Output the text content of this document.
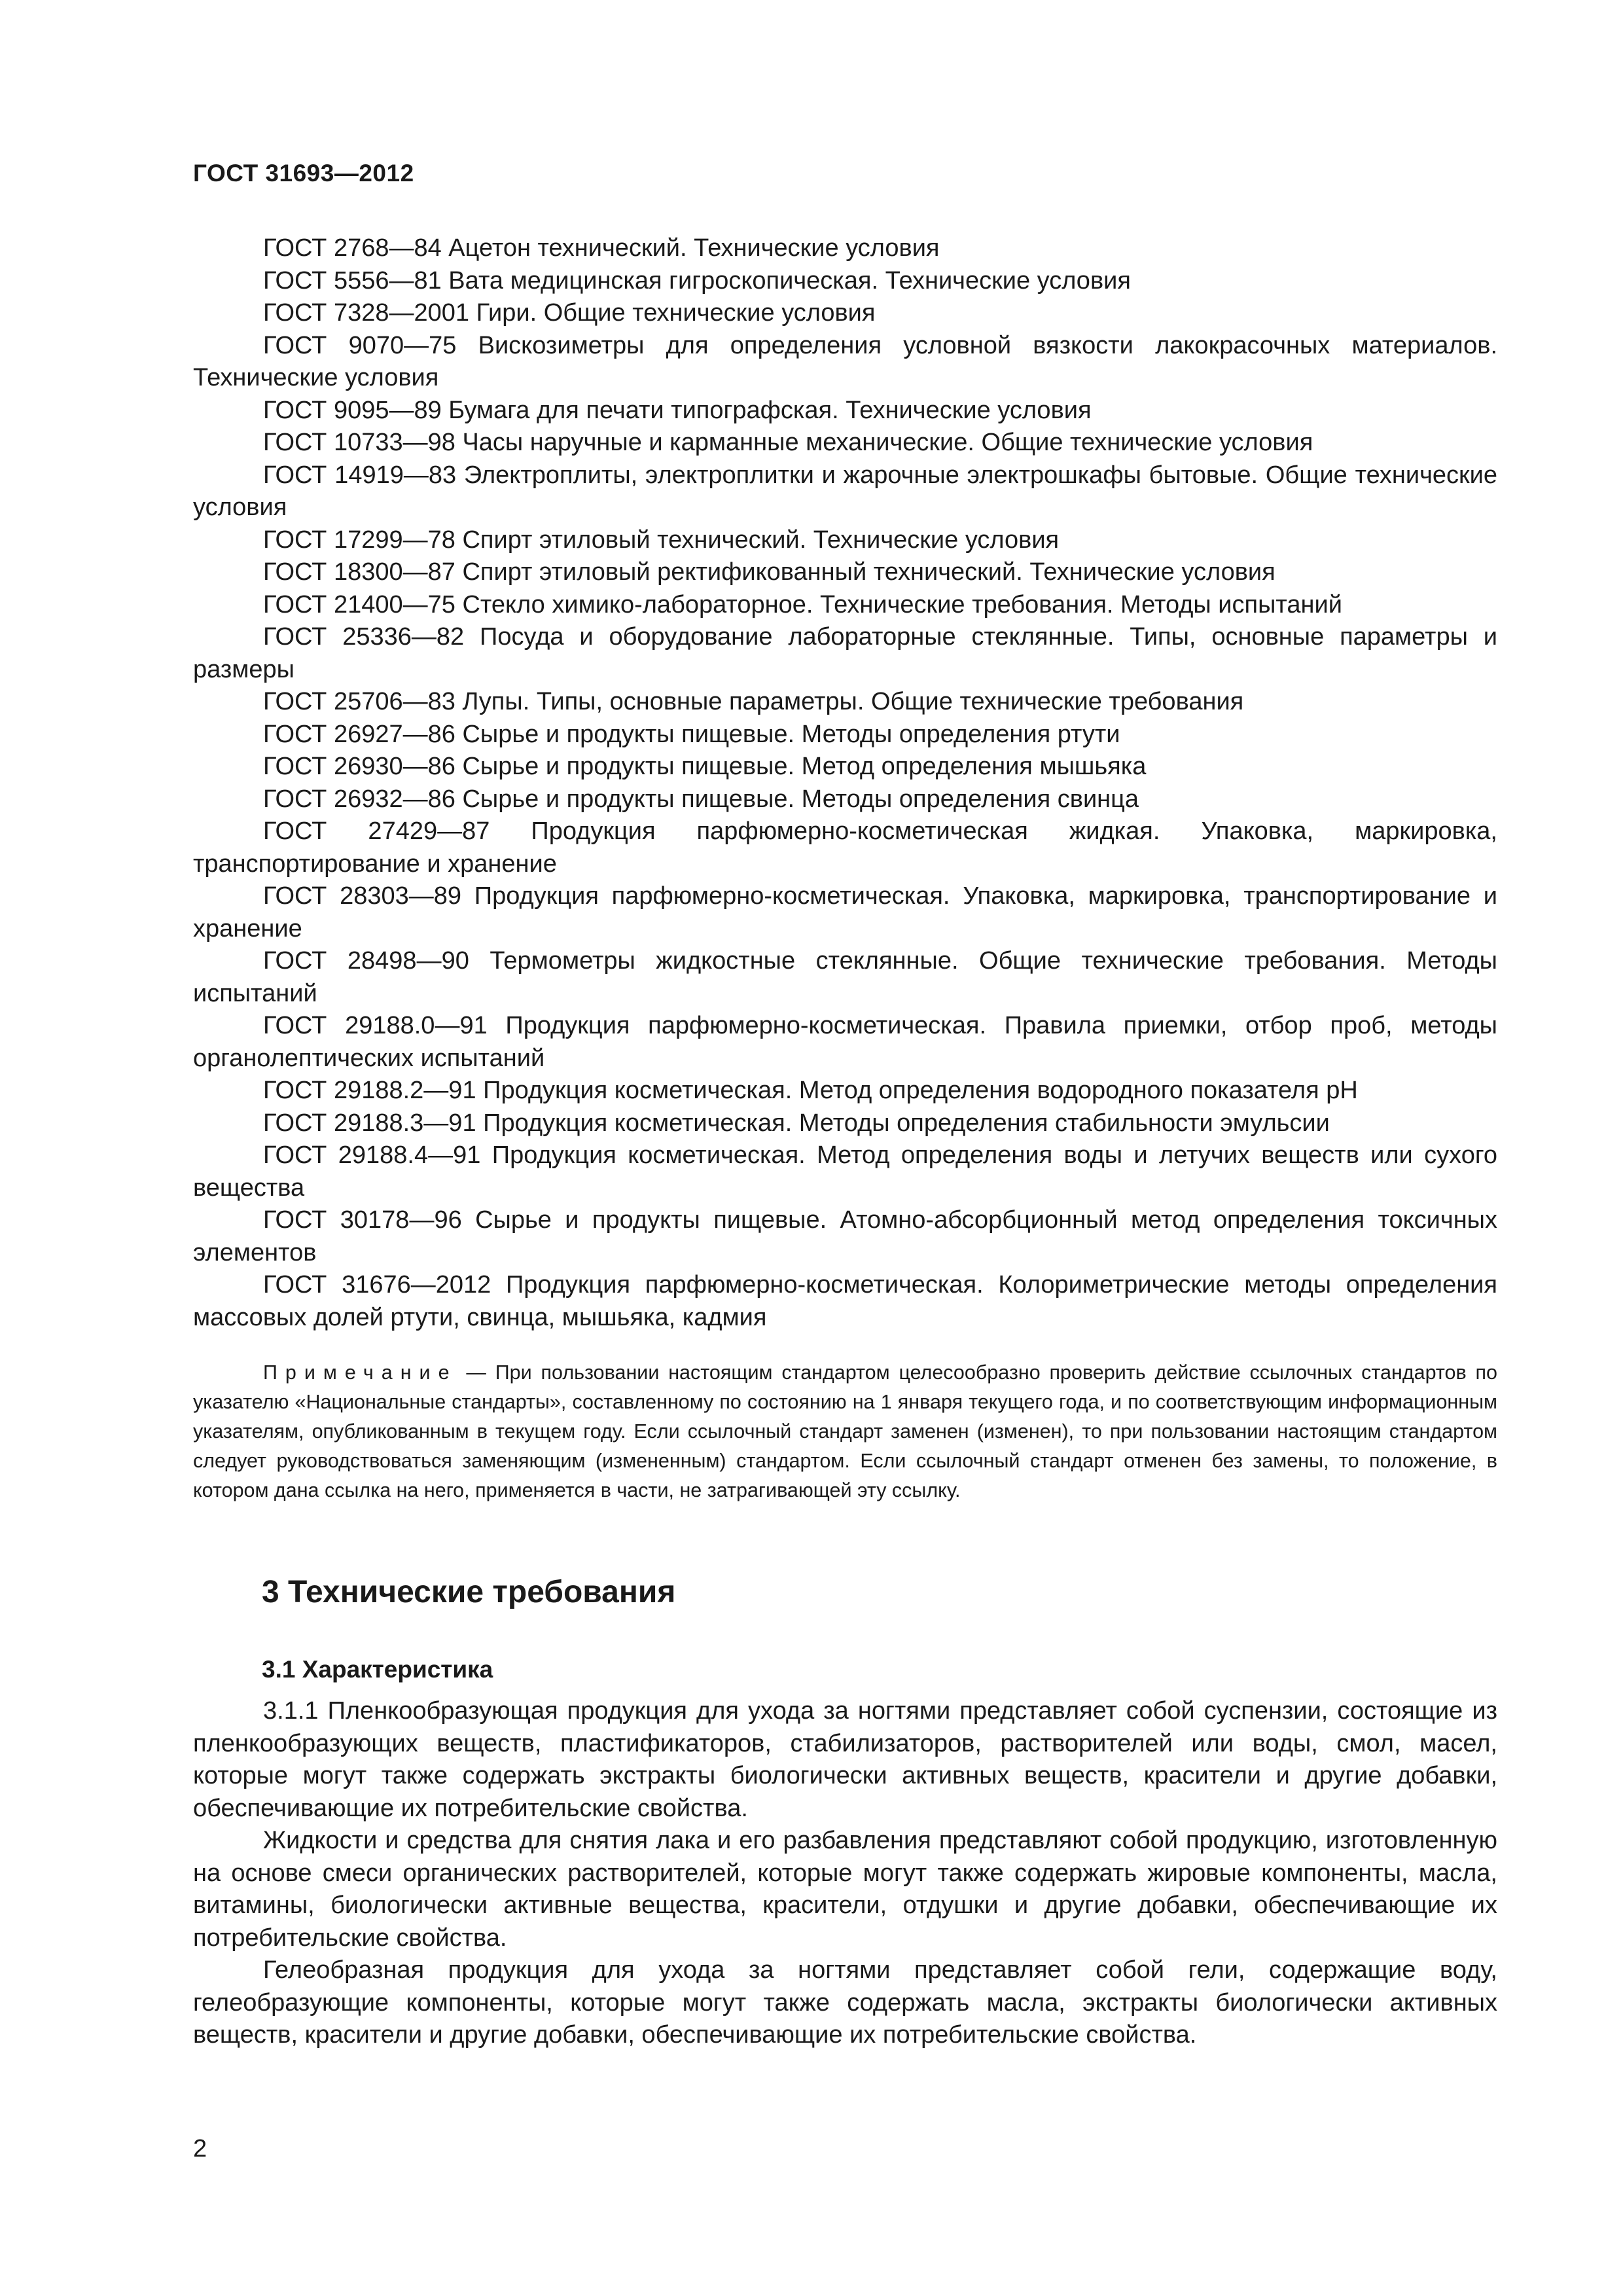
ГОСТ 31693—2012

ГОСТ 2768—84 Ацетон технический. Технические условия

ГОСТ 5556—81 Вата медицинская гигроскопическая. Технические условия

ГОСТ 7328—2001 Гири. Общие технические условия

ГОСТ 9070—75 Вискозиметры для определения условной вязкости лакокрасочных материалов. Технические условия

ГОСТ 9095—89 Бумага для печати типографская. Технические условия

ГОСТ 10733—98 Часы наручные и карманные механические. Общие технические условия

ГОСТ 14919—83 Электроплиты, электроплитки и жарочные электрошкафы бытовые. Общие технические условия

ГОСТ 17299—78 Спирт этиловый технический. Технические условия

ГОСТ 18300—87 Спирт этиловый ректификованный технический. Технические условия

ГОСТ 21400—75 Стекло химико-лабораторное. Технические требования. Методы испытаний

ГОСТ 25336—82 Посуда и оборудование лабораторные стеклянные. Типы, основные параметры и размеры

ГОСТ 25706—83 Лупы. Типы, основные параметры. Общие технические требования

ГОСТ 26927—86 Сырье и продукты пищевые. Методы определения ртути

ГОСТ 26930—86 Сырье и продукты пищевые. Метод определения мышьяка

ГОСТ 26932—86 Сырье и продукты пищевые. Методы определения свинца

ГОСТ 27429—87 Продукция парфюмерно-косметическая жидкая. Упаковка, маркировка, транспортирование и хранение

ГОСТ 28303—89 Продукция парфюмерно-косметическая. Упаковка, маркировка, транспортирование и хранение

ГОСТ 28498—90 Термометры жидкостные стеклянные. Общие технические требования. Методы испытаний

ГОСТ 29188.0—91 Продукция парфюмерно-косметическая. Правила приемки, отбор проб, методы органолептических испытаний

ГОСТ 29188.2—91 Продукция косметическая. Метод определения водородного показателя pH

ГОСТ 29188.3—91 Продукция косметическая. Методы определения стабильности эмульсии

ГОСТ 29188.4—91 Продукция косметическая. Метод определения воды и летучих веществ или сухого вещества

ГОСТ 30178—96 Сырье и продукты пищевые. Атомно-абсорбционный метод определения токсичных элементов

ГОСТ 31676—2012 Продукция парфюмерно-косметическая. Колориметрические методы определения массовых долей ртути, свинца, мышьяка, кадмия

Примечание — При пользовании настоящим стандартом целесообразно проверить действие ссылочных стандартов по указателю «Национальные стандарты», составленному по состоянию на 1 января текущего года, и по соответствующим информационным указателям, опубликованным в текущем году. Если ссылочный стандарт заменен (изменен), то при пользовании настоящим стандартом следует руководствоваться заменяющим (измененным) стандартом. Если ссылочный стандарт отменен без замены, то положение, в котором дана ссылка на него, применяется в части, не затрагивающей эту ссылку.

3 Технические требования
3.1 Характеристика

3.1.1 Пленкообразующая продукция для ухода за ногтями представляет собой суспензии, состоящие из пленкообразующих веществ, пластификаторов, стабилизаторов, растворителей или воды, смол, масел, которые могут также содержать экстракты биологически активных веществ, красители и другие добавки, обеспечивающие их потребительские свойства.

Жидкости и средства для снятия лака и его разбавления представляют собой продукцию, изготовленную на основе смеси органических растворителей, которые могут также содержать жировые компоненты, масла, витамины, биологически активные вещества, красители, отдушки и другие добавки, обеспечивающие их потребительские свойства.

Гелеобразная продукция для ухода за ногтями представляет собой гели, содержащие воду, гелеобразующие компоненты, которые могут также содержать масла, экстракты биологически активных веществ, красители и другие добавки, обеспечивающие их потребительские свойства.

2
